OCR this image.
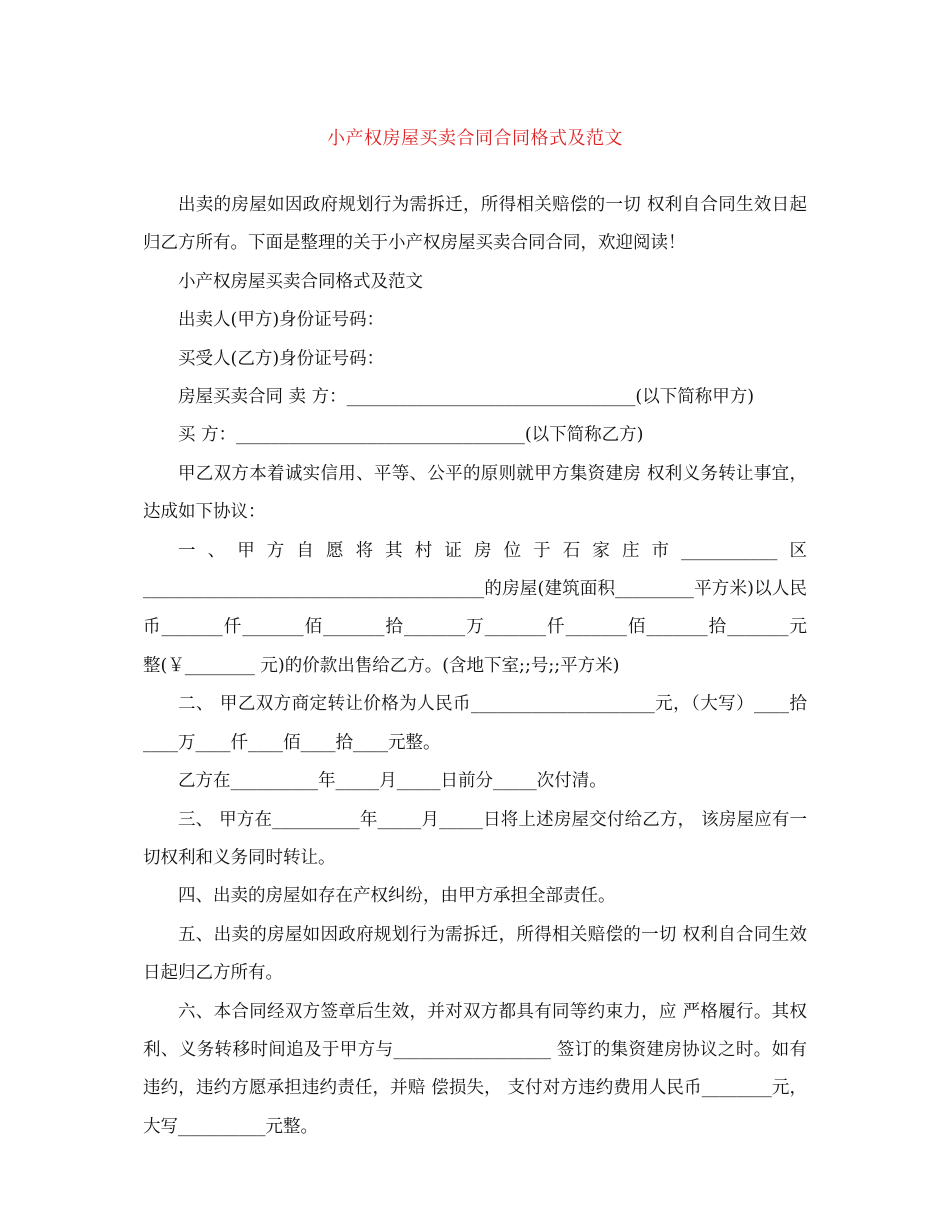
小产权房屋买卖合同合同格式及范文

出卖的房屋如因政府规划行为需拆迁，所得相关赔偿的一切 权利自合同生效日起归乙方所有。下面是整理的关于小产权房屋买卖合同合同，欢迎阅读！

小产权房屋买卖合同格式及范文

出卖人(甲方)身份证号码：

买受人(乙方)身份证号码：

房屋买卖合同 卖 方：_________________________________(以下简称甲方)

买 方：_________________________________(以下简称乙方)

甲乙双方本着诚实信用、平等、公平的原则就甲方集资建房 权利义务转让事宜，达成如下协议：

一、甲方自愿将其村证房位于石家庄市___________区 _______________________________________的房屋(建筑面积_________平方米)以人民币_______仟_______佰_______拾_______万_______仟_______佰_______拾_______元整(￥________ 元)的价款出售给乙方。(含地下室;;号;;平方米)

二、 甲乙双方商定转让价格为人民币_____________________元，（大写）____拾____万____仟____佰____拾____元整。

乙方在__________年_____月_____日前分_____次付清。

三、 甲方在__________年_____月_____日将上述房屋交付给乙方， 该房屋应有一切权利和义务同时转让。

四、出卖的房屋如存在产权纠纷，由甲方承担全部责任。

五、出卖的房屋如因政府规划行为需拆迁，所得相关赔偿的一切 权利自合同生效日起归乙方所有。

六、本合同经双方签章后生效，并对双方都具有同等约束力，应 严格履行。其权利、义务转移时间追及于甲方与__________________ 签订的集资建房协议之时。如有违约，违约方愿承担违约责任，并赔 偿损失， 支付对方违约费用人民币________元， 大写__________元整。
